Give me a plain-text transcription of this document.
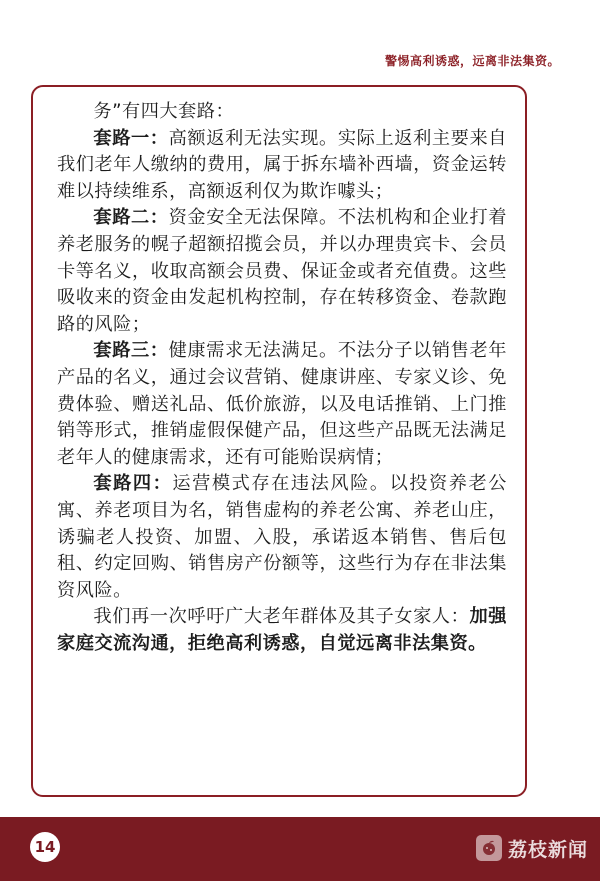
警惕高利诱惑，远离非法集资。

务”有四大套路：

套路一：高额返利无法实现。实际上返利主要来自我们老年人缴纳的费用，属于拆东墙补西墙，资金运转难以持续维系，高额返利仅为欺诈噱头；

套路二：资金安全无法保障。不法机构和企业打着养老服务的幌子超额招揽会员，并以办理贵宾卡、会员卡等名义，收取高额会员费、保证金或者充值费。这些吸收来的资金由发起机构控制，存在转移资金、卷款跑路的风险；

套路三：健康需求无法满足。不法分子以销售老年产品的名义，通过会议营销、健康讲座、专家义诊、免费体验、赠送礼品、低价旅游，以及电话推销、上门推销等形式，推销虚假保健产品，但这些产品既无法满足老年人的健康需求，还有可能贻误病情；

套路四：运营模式存在违法风险。以投资养老公寓、养老项目为名，销售虚构的养老公寓、养老山庄，诱骗老人投资、加盟、入股，承诺返本销售、售后包租、约定回购、销售房产份额等，这些行为存在非法集资风险。

我们再一次呼吁广大老年群体及其子女家人：加强家庭交流沟通，拒绝高利诱惑，自觉远离非法集资。

14	荔枝新闻
